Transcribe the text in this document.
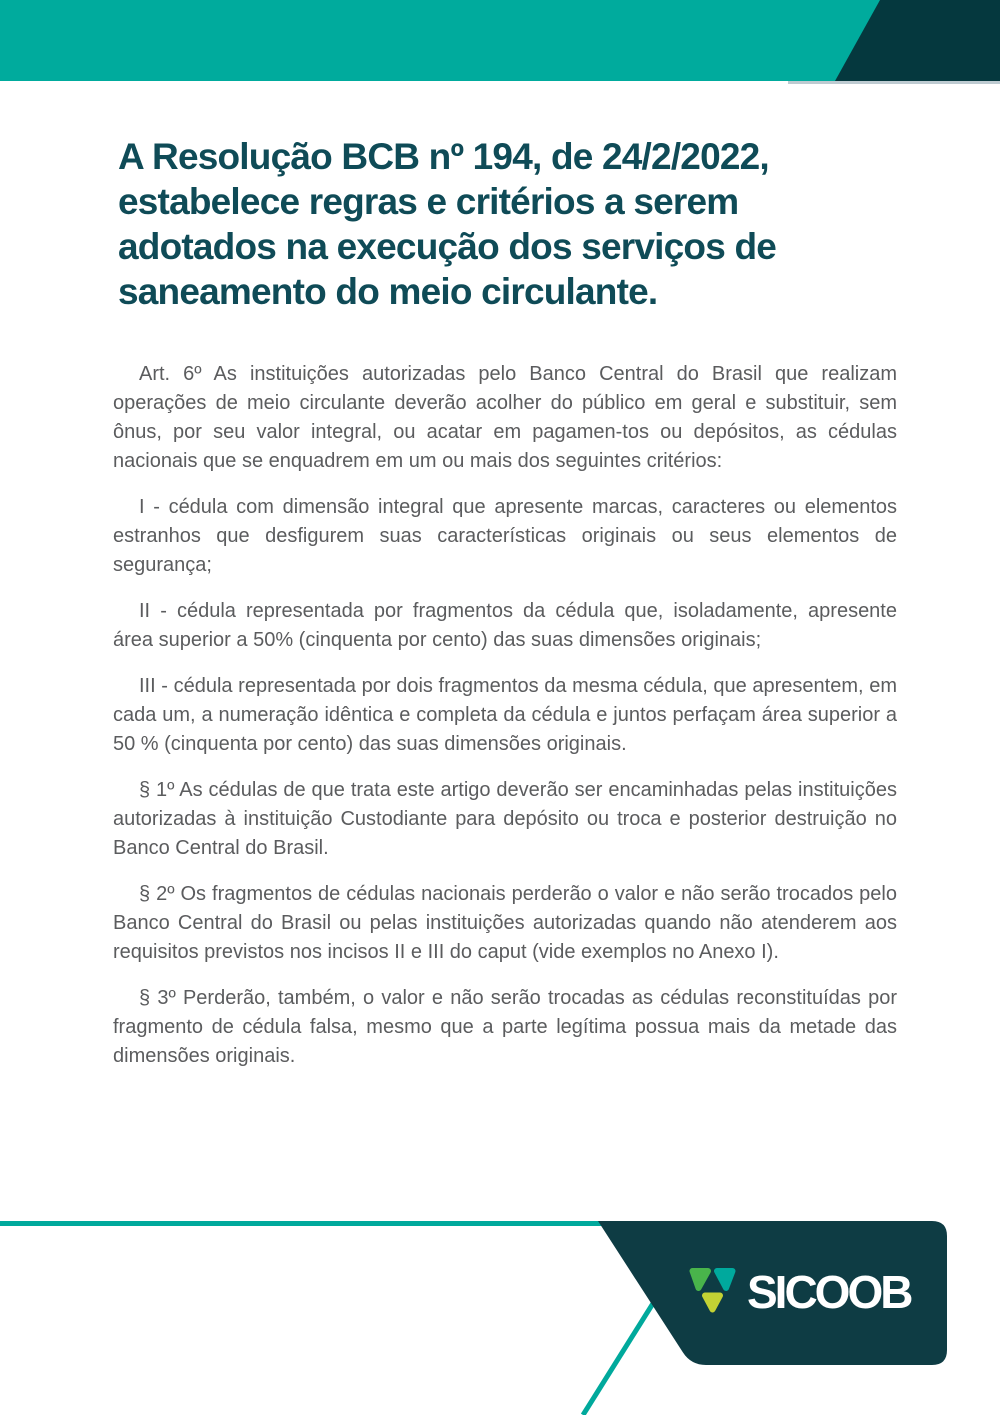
A Resolução BCB nº 194, de 24/2/2022,
estabelece regras e critérios a serem
adotados na execução dos serviços de
saneamento do meio circulante.

Art. 6º As instituições autorizadas pelo Banco Central do Brasil que realizam operações de meio circulante deverão acolher do público em geral e substituir, sem ônus, por seu valor integral, ou acatar em pagamen-tos ou depósitos, as cédulas nacionais que se enquadrem em um ou mais dos seguintes critérios:

I - cédula com dimensão integral que apresente marcas, caracteres ou elementos estranhos que desfigurem suas características originais ou seus elementos de segurança;

II - cédula representada por fragmentos da cédula que, isoladamente, apresente área superior a 50% (cinquenta por cento) das suas dimensões originais;

III - cédula representada por dois fragmentos da mesma cédula, que apresentem, em cada um, a numeração idêntica e completa da cédula e juntos perfaçam área superior a 50 % (cinquenta por cento) das suas dimensões originais.

§ 1º As cédulas de que trata este artigo deverão ser encaminhadas pelas instituições autorizadas à instituição Custodiante para depósito ou troca e posterior destruição no Banco Central do Brasil.

§ 2º Os fragmentos de cédulas nacionais perderão o valor e não serão trocados pelo Banco Central do Brasil ou pelas instituições autorizadas quando não atenderem aos requisitos previstos nos incisos II e III do caput (vide exemplos no Anexo I).

§ 3º Perderão, também, o valor e não serão trocadas as cédulas reconstituídas por fragmento de cédula falsa, mesmo que a parte legítima possua mais da metade das dimensões originais.

SICOOB
